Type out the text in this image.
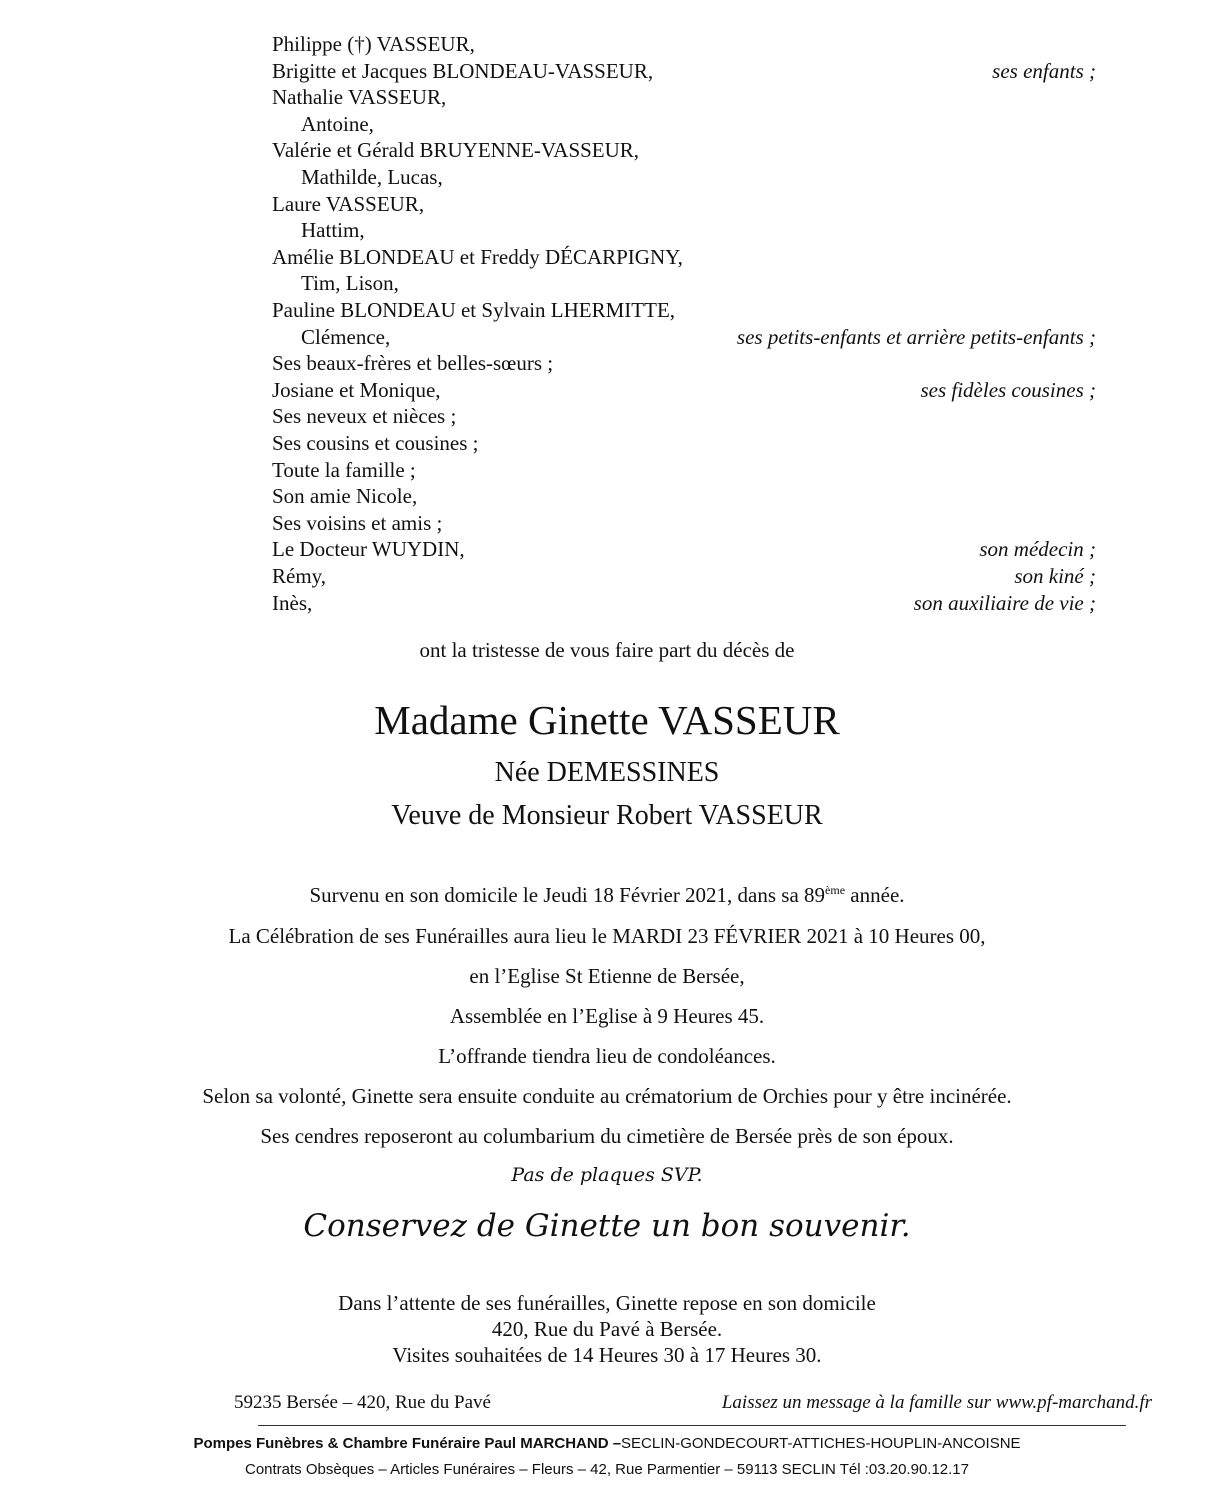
Philippe (†) VASSEUR,
Brigitte et Jacques BLONDEAU-VASSEUR,	ses enfants ;
Nathalie VASSEUR,
Antoine,
Valérie et Gérald BRUYENNE-VASSEUR,
Mathilde, Lucas,
Laure VASSEUR,
Hattim,
Amélie BLONDEAU et Freddy DÉCARPIGNY,
Tim, Lison,
Pauline BLONDEAU et Sylvain LHERMITTE,
Clémence,	ses petits-enfants et arrière petits-enfants ;
Ses beaux-frères et belles-sœurs ;
Josiane et Monique,	ses fidèles cousines ;
Ses neveux et nièces ;
Ses cousins et cousines ;
Toute la famille ;
Son amie Nicole,
Ses voisins et amis ;
Le Docteur WUYDIN,	son médecin ;
Rémy,	son kiné ;
Inès,	son auxiliaire de vie ;
ont la tristesse de vous faire part du décès de
Madame Ginette VASSEUR
Née DEMESSINES
Veuve de Monsieur Robert VASSEUR
Survenu en son domicile le Jeudi 18 Février 2021, dans sa 89ème année.
La Célébration de ses Funérailles aura lieu le MARDI 23 FÉVRIER 2021 à 10 Heures 00,
en l’Eglise St Etienne de Bersée,
Assemblée en l’Eglise à 9 Heures 45.
L’offrande tiendra lieu de condoléances.
Selon sa volonté, Ginette sera ensuite conduite au crématorium de Orchies pour y être incinérée.
Ses cendres reposeront au columbarium du cimetière de Bersée près de son époux.
Pas de plaques SVP.
Conservez de Ginette un bon souvenir.
Dans l’attente de ses funérailles, Ginette repose en son domicile
420, Rue du Pavé à Bersée.
Visites souhaitées de 14 Heures 30 à 17 Heures 30.
59235 Bersée – 420, Rue du Pavé	Laissez un message à la famille sur www.pf-marchand.fr
Pompes Funèbres & Chambre Funéraire Paul MARCHAND –SECLIN-GONDECOURT-ATTICHES-HOUPLIN-ANCOISNE
Contrats Obsèques – Articles Funéraires – Fleurs – 42, Rue Parmentier – 59113 SECLIN Tél :03.20.90.12.17
